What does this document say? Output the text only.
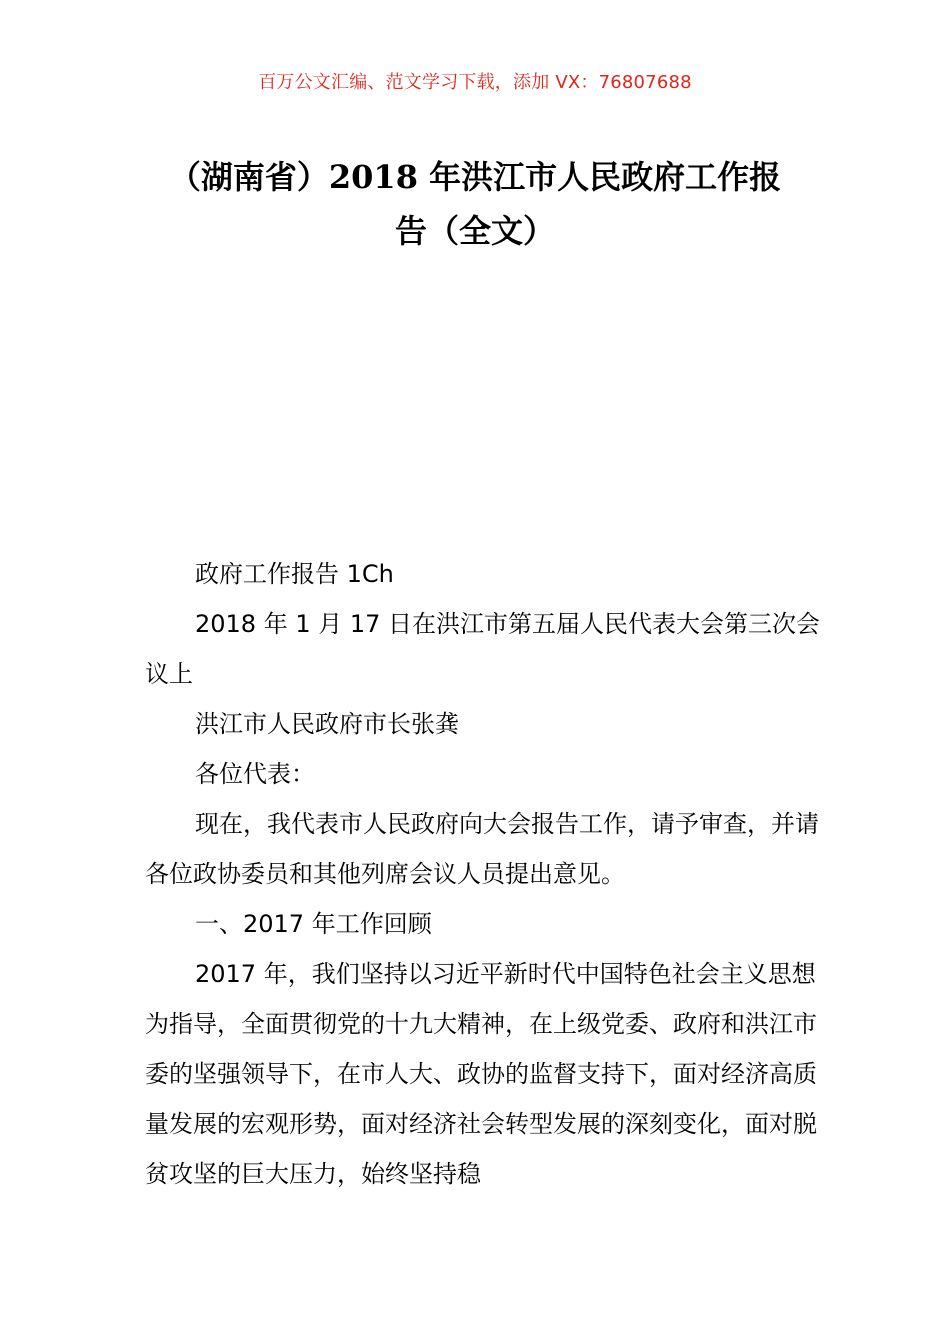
百万公文汇编、范文学习下载，添加 VX：76807688
（湖南省）2018 年洪江市人民政府工作报
告（全文）

政府工作报告 1Ch

2018 年 1 月 17 日在洪江市第五届人民代表大会第三次会议上

洪江市人民政府市长张龚

各位代表：

现在，我代表市人民政府向大会报告工作，请予审查，并请各位政协委员和其他列席会议人员提出意见。

一、2017 年工作回顾

2017 年，我们坚持以习近平新时代中国特色社会主义思想为指导，全面贯彻党的十九大精神，在上级党委、政府和洪江市委的坚强领导下，在市人大、政协的监督支持下，面对经济高质量发展的宏观形势，面对经济社会转型发展的深刻变化，面对脱贫攻坚的巨大压力，始终坚持稳
